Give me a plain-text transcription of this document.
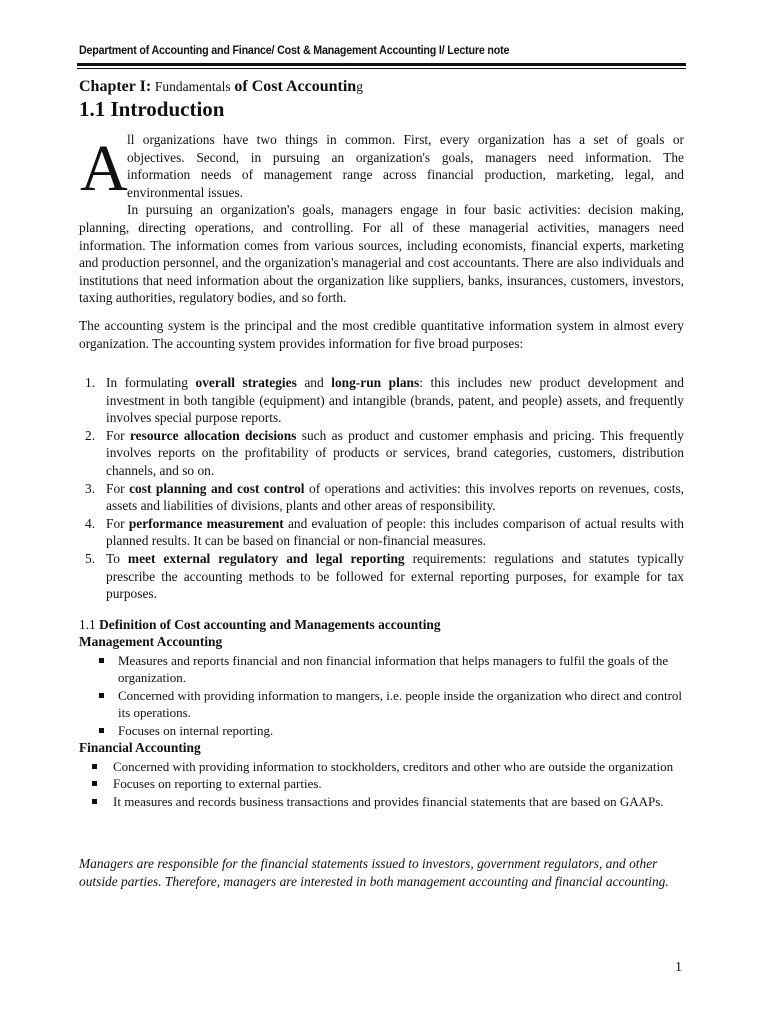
Department of Accounting and Finance/ Cost & Management Accounting I/ Lecture note
Chapter I: Fundamentals of Cost Accounting
1.1 Introduction
A ll organizations have two things in common. First, every organization has a set of goals or
objectives. Second, in pursuing an organization's goals, managers need information. The
information needs of management range across financial production, marketing, legal, and
environmental issues.

In pursuing an organization's goals, managers engage in four basic activities: decision making, planning, directing operations, and controlling. For all of these managerial activities, managers need information. The information comes from various sources, including economists, financial experts, marketing and production personnel, and the organization's managerial and cost accountants. There are also individuals and institutions that need information about the organization like suppliers, banks, insurances, customers, investors, taxing authorities, regulatory bodies, and so forth.

The accounting system is the principal and the most credible quantitative information system in almost every organization. The accounting system provides information for five broad purposes:

1. In formulating overall strategies and long-run plans: this includes new product development and investment in both tangible (equipment) and intangible (brands, patent, and people) assets, and frequently involves special purpose reports.
2. For resource allocation decisions such as product and customer emphasis and pricing. This frequently involves reports on the profitability of products or services, brand categories, customers, distribution channels, and so on.
3. For cost planning and cost control of operations and activities: this involves reports on revenues, costs, assets and liabilities of divisions, plants and other areas of responsibility.
4. For performance measurement and evaluation of people: this includes comparison of actual results with planned results. It can be based on financial or non-financial measures.
5. To meet external regulatory and legal reporting requirements: regulations and statutes typically prescribe the accounting methods to be followed for external reporting purposes, for example for tax purposes.
1.1 Definition of Cost accounting and Managements accounting
Management Accounting
Measures and reports financial and non financial information that helps managers to fulfil the goals of the organization.
Concerned with providing information to mangers, i.e. people inside the organization who direct and control its operations.
Focuses on internal reporting.
Financial Accounting
Concerned with providing information to stockholders, creditors and other who are outside the organization
Focuses on reporting to external parties.
It measures and records business transactions and provides financial statements that are based on GAAPs.
Managers are responsible for the financial statements issued to investors, government regulators, and other outside parties. Therefore, managers are interested in both management accounting and financial accounting.
1
